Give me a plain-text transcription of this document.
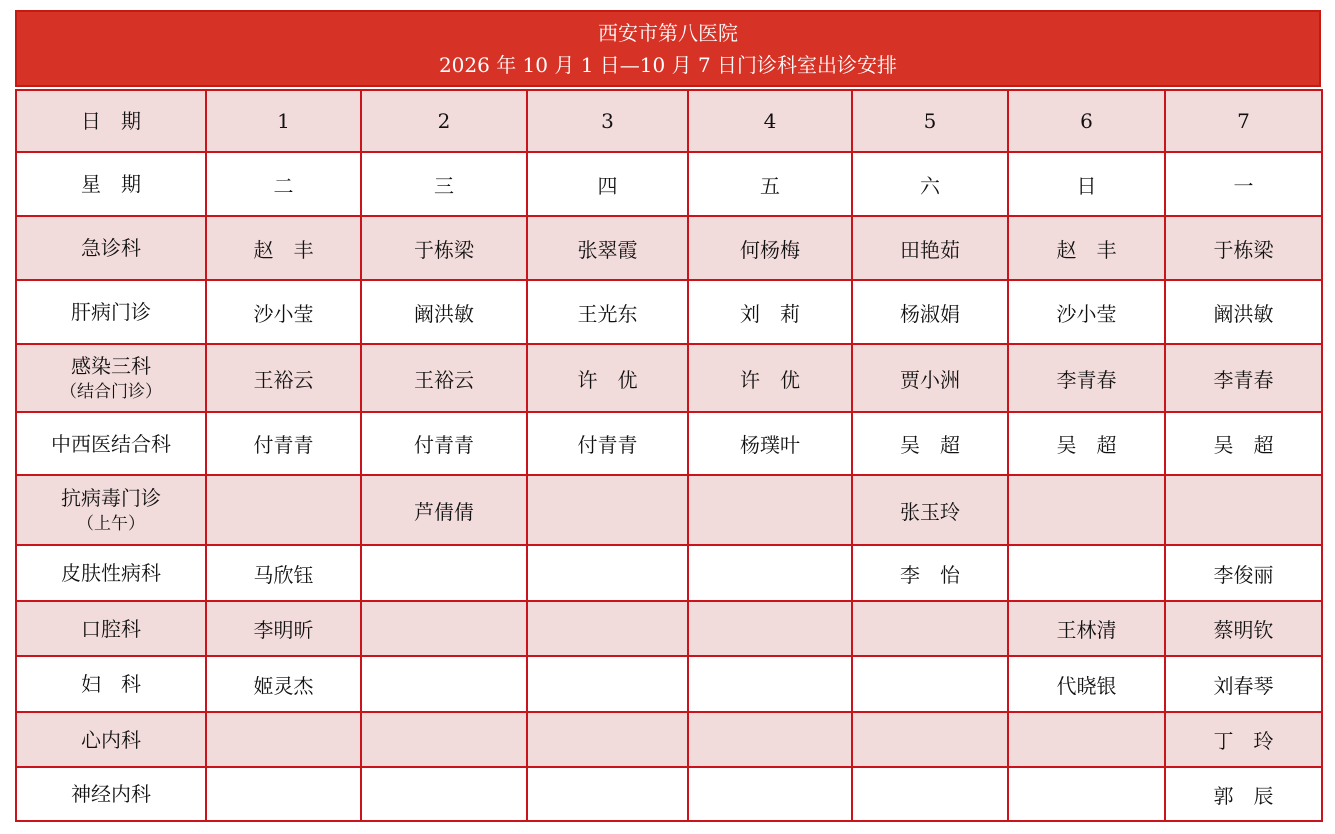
西安市第八医院
2026 年 10 月 1 日—10 月 7 日门诊科室出诊安排
日　期	1	2	3	4	5	6	7

星　期	二	三	四	五	六	日	一

急诊科	赵　丰	于栋梁	张翠霞	何杨梅	田艳茹	赵　丰	于栋梁

肝病门诊	沙小莹	阚洪敏	王光东	刘　莉	杨淑娟	沙小莹	阚洪敏

感染三科
（结合门诊）	王裕云	王裕云	许　优	许　优	贾小洲	李青春	李青春

中西医结合科	付青青	付青青	付青青	杨璞叶	吴　超	吴　超	吴　超

抗病毒门诊
（上午）		芦倩倩			张玉玲		

皮肤性病科	马欣钰				李　怡		李俊丽

口腔科	李明昕					王林清	蔡明钦

妇　科	姬灵杰					代晓银	刘春琴

心内科							丁　玲

神经内科							郭　辰
